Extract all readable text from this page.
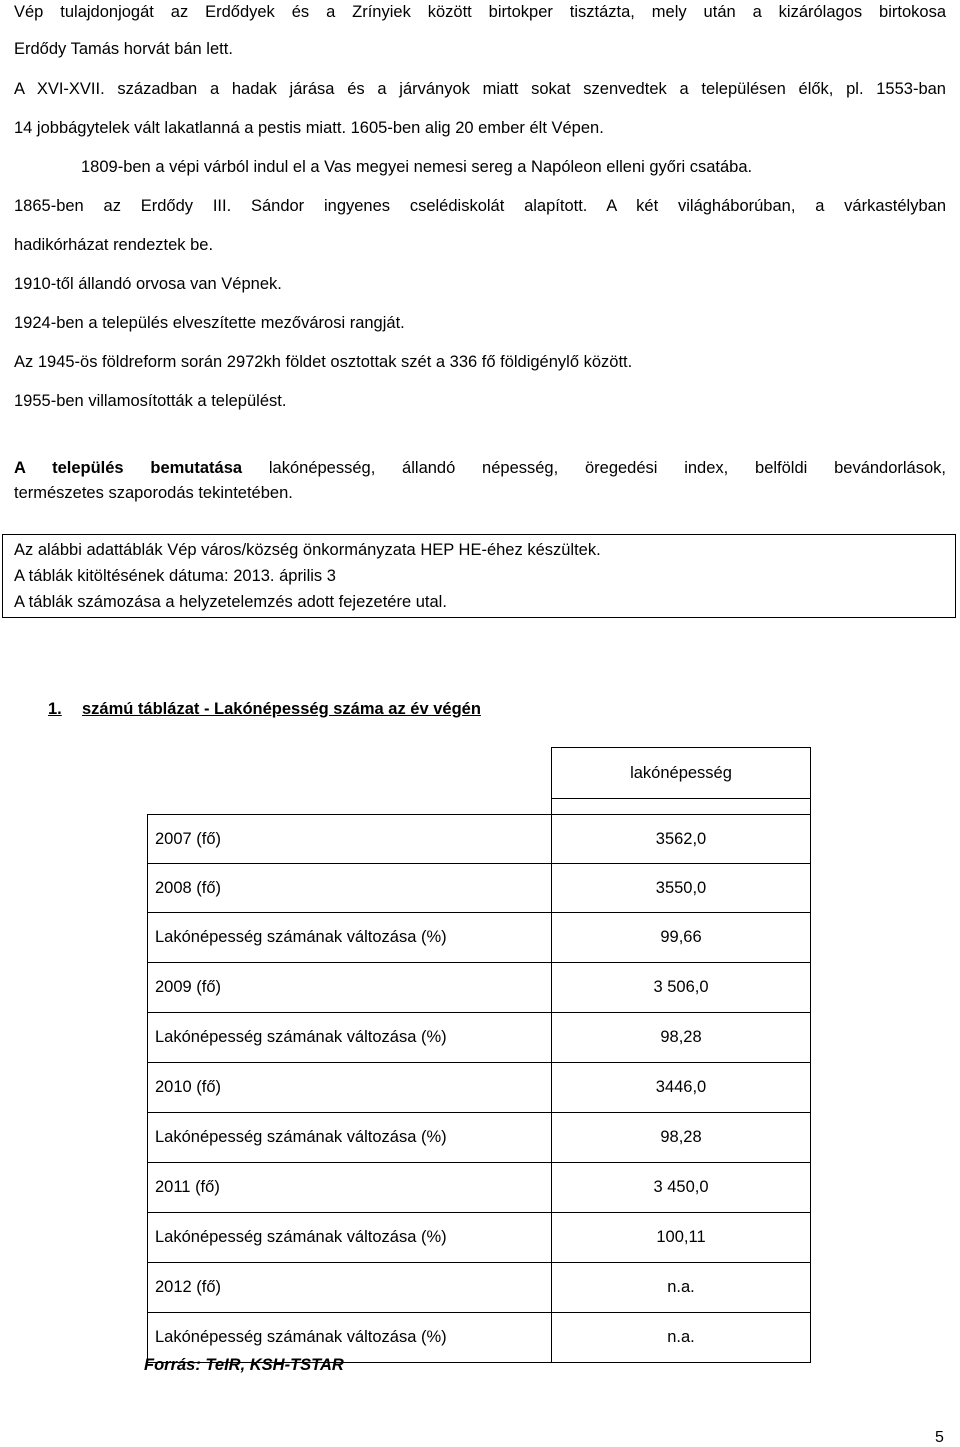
Vép tulajdonjogát az Erdődyek és a Zrínyiek között birtokper tisztázta, mely után a kizárólagos birtokosa
Erdődy Tamás horvát bán lett.
A XVI-XVII. században a hadak járása és a járványok miatt sokat szenvedtek a településen élők, pl. 1553-ban
14 jobbágytelek vált lakatlanná a pestis miatt. 1605-ben alig 20 ember élt Vépen.
1809-ben a vépi várból indul el a Vas megyei nemesi sereg a Napóleon elleni győri csatába.
1865-ben az Erdődy III. Sándor ingyenes cselédiskolát alapított. A két világháborúban, a várkastélyban
hadikórházat rendeztek be.
1910-től állandó orvosa van Vépnek.
1924-ben a település elveszítette mezővárosi rangját.
Az 1945-ös földreform során 2972kh földet osztottak szét a 336 fő földigénylő között.
1955-ben villamosították a települést.
A település bemutatása lakónépesség, állandó népesség, öregedési index, belföldi bevándorlások,
természetes szaporodás tekintetében.
Az alábbi adattáblák Vép város/község önkormányzata HEP HE-éhez készültek.
A táblák kitöltésének dátuma: 2013. április 3
A táblák számozása a helyzetelemzés adott fejezetére utal.
1. számú táblázat - Lakónépesség száma az év végén
	lakónépesség

2007 (fő)	3562,0
2008 (fő)	3550,0
Lakónépesség számának változása (%)	99,66
2009 (fő)	3 506,0
Lakónépesség számának változása (%)	98,28
2010 (fő)	3446,0
Lakónépesség számának változása (%)	98,28
2011 (fő)	3 450,0
Lakónépesség számának változása (%)	100,11
2012 (fő)	n.a.
Lakónépesség számának változása (%)	n.a.
Forrás: TeIR, KSH-TSTAR
5
